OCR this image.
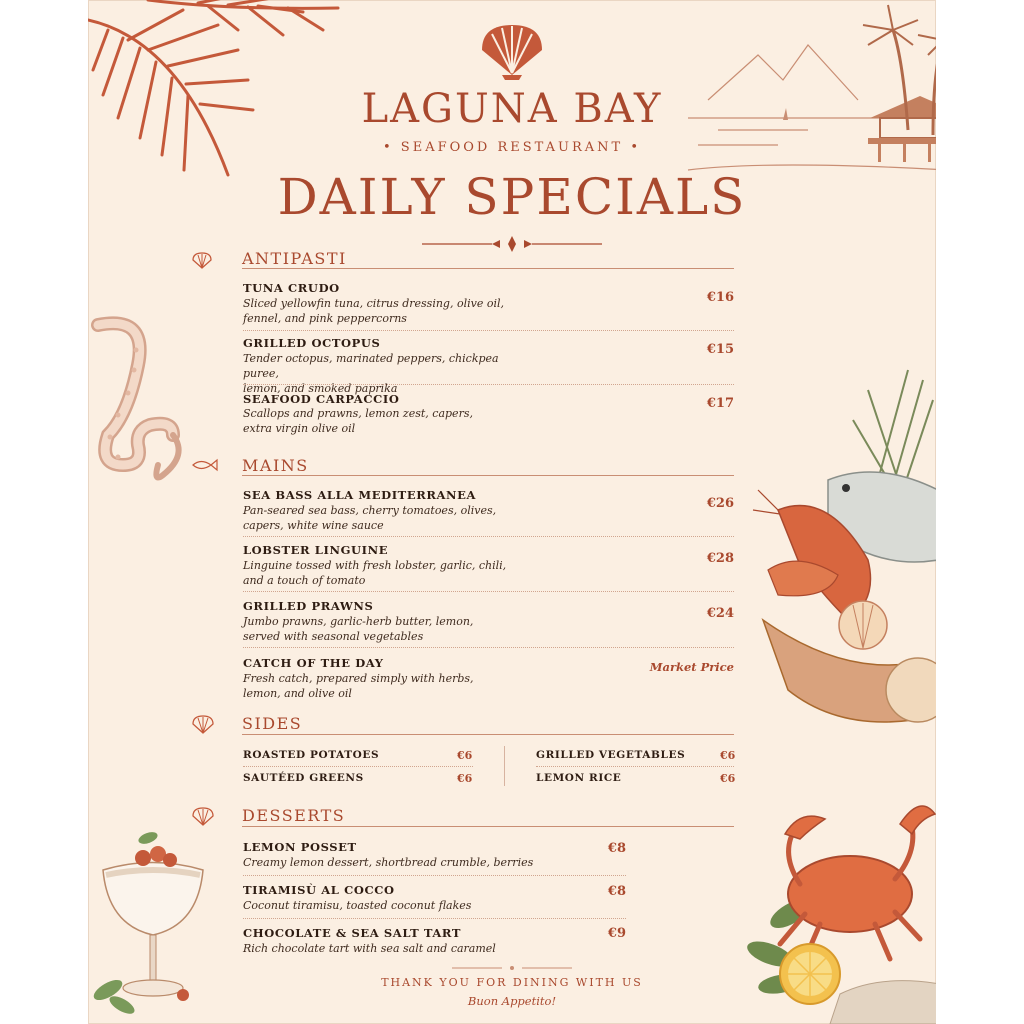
LAGUNA BAY
• SEAFOOD RESTAURANT •
DAILY SPECIALS
ANTIPASTI
TUNA CRUDO
Sliced yellowfin tuna, citrus dressing, olive oil,
fennel, and pink peppercorns
€16
GRILLED OCTOPUS
Tender octopus, marinated peppers, chickpea puree,
lemon, and smoked paprika
€15
SEAFOOD CARPACCIO
Scallops and prawns, lemon zest, capers,
extra virgin olive oil
€17
MAINS
SEA BASS ALLA MEDITERRANEA
Pan-seared sea bass, cherry tomatoes, olives,
capers, white wine sauce
€26
LOBSTER LINGUINE
Linguine tossed with fresh lobster, garlic, chili,
and a touch of tomato
€28
GRILLED PRAWNS
Jumbo prawns, garlic-herb butter, lemon,
served with seasonal vegetables
€24
CATCH OF THE DAY
Fresh catch, prepared simply with herbs,
lemon, and olive oil
Market Price
SIDES
ROASTED POTATOES	€6
SAUTÉED GREENS	€6
GRILLED VEGETABLES	€6
LEMON RICE	€6
DESSERTS
LEMON POSSET
Creamy lemon dessert, shortbread crumble, berries
€8
TIRAMISÙ AL COCCO
Coconut tiramisu, toasted coconut flakes
€8
CHOCOLATE & SEA SALT TART
Rich chocolate tart with sea salt and caramel
€9
THANK YOU FOR DINING WITH US
Buon Appetito!
